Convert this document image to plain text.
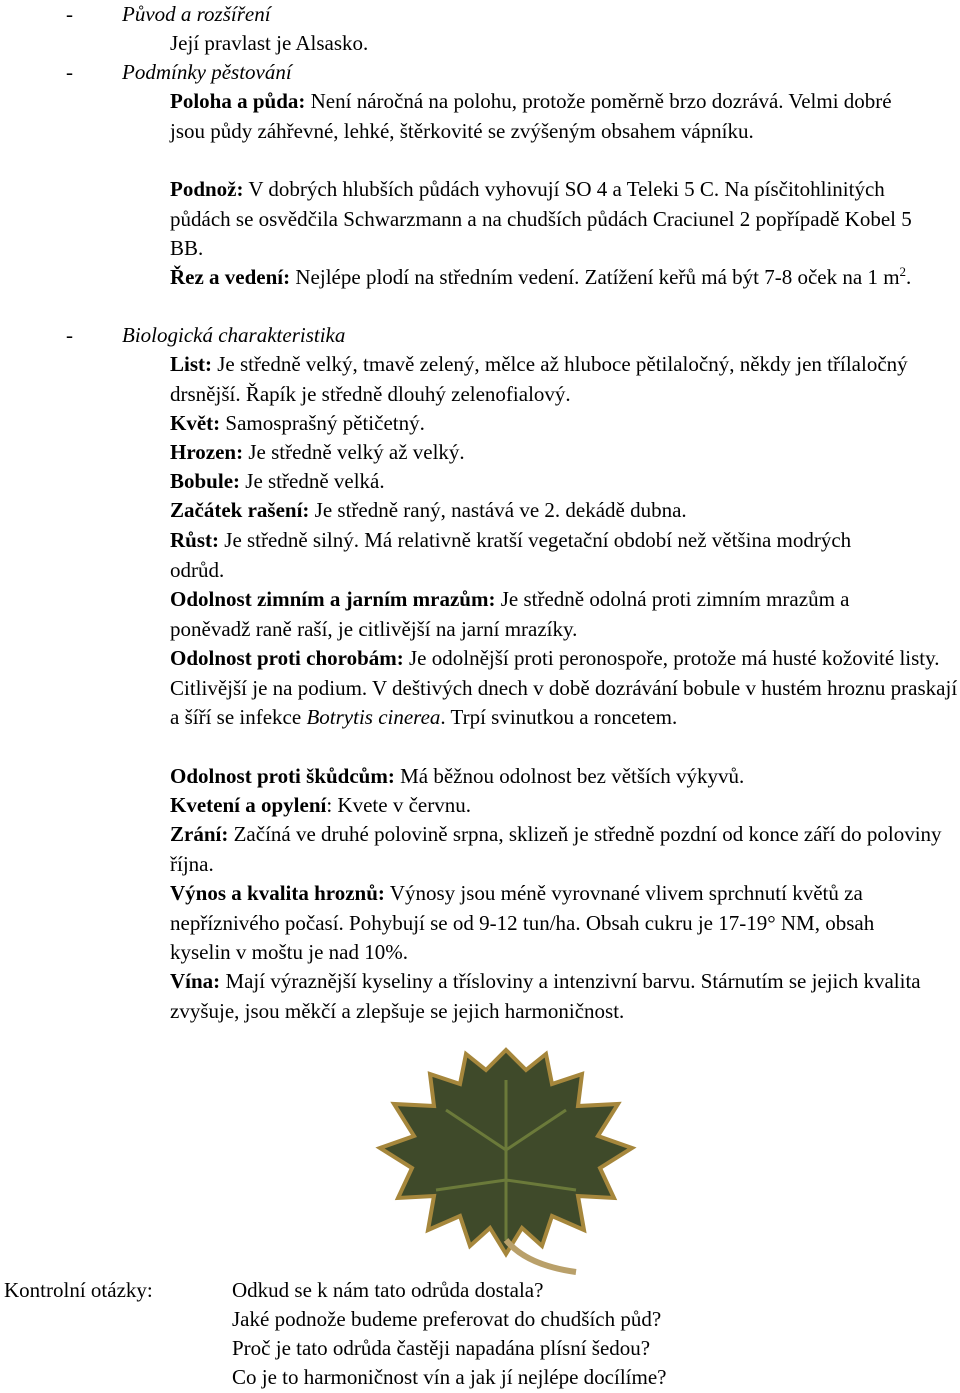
- Původ a rozšíření
Její pravlast je Alsasko.
- Podmínky pěstování
Poloha a půda: Není náročná na polohu, protože poměrně brzo dozrává. Velmi dobré jsou půdy záhřevné, lehké, štěrkovité se zvýšeným obsahem vápníku.
Podnož: V dobrých hlubších půdách vyhovují SO 4 a Teleki 5 C. Na písčitohlinitých půdách se osvědčila Schwarzmann a na chudších půdách Craciunel 2 popřípadě Kobel 5 BB.
Řez a vedení: Nejlépe plodí na středním vedení. Zatížení keřů má být 7-8 oček na 1 $m^2$.
- Biologická charakteristika
List: Je středně velký, tmavě zelený, mělce až hluboce pětilaločný, někdy jen třílaločný drsnější. Řapík je středně dlouhý zelenofialový.
Květ: Samosprašný pětičetný.
Hrozen: Je středně velký až velký.
Bobule: Je středně velká.
Začátek rašení: Je středně raný, nastává ve 2. dekádě dubna.
Růst: Je středně silný. Má relativně kratší vegetační období než většina modrých odrůd.
Odolnost zimním a jarním mrazům: Je středně odolná proti zimním mrazům a poněvadž raně raší, je citlivější na jarní mrazíky.
Odolnost proti chorobám: Je odolnější proti peronospoře, protože má husté kožovité listy. Citlivější je na podium. V deštivých dnech v době dozrávání bobule v hustém hroznu praskají a šíří se infekce Botrytis cinerea. Trpí svinutkou a roncetem.
Odolnost proti škůdcům: Má běžnou odolnost bez větších výkyvů.
Kvetení a opylení: Kvete v červnu.
Zrání: Začíná ve druhé polovině srpna, sklizeň je středně pozdní od konce září do poloviny října.
Výnos a kvalita hroznů: Výnosy jsou méně vyrovnané vlivem sprchnutí květů za nepříznivého počasí. Pohybují se od 9-12 tun/ha. Obsah cukru je 17-19° NM, obsah kyselin v moštu je nad 10%.
Vína: Mají výraznější kyseliny a třísloviny a intenzivní barvu. Stárnutím se jejich kvalita zvyšuje, jsou měkčí a zlepšuje se jejich harmoničnost.
Kontrolní otázky:	Odkud se k nám tato odrůda dostala?
Jaké podnože budeme preferovat do chudších půd?
Proč je tato odrůda častěji napadána plísní šedou?
Co je to harmoničnost vín a jak jí nejlépe docílíme?
